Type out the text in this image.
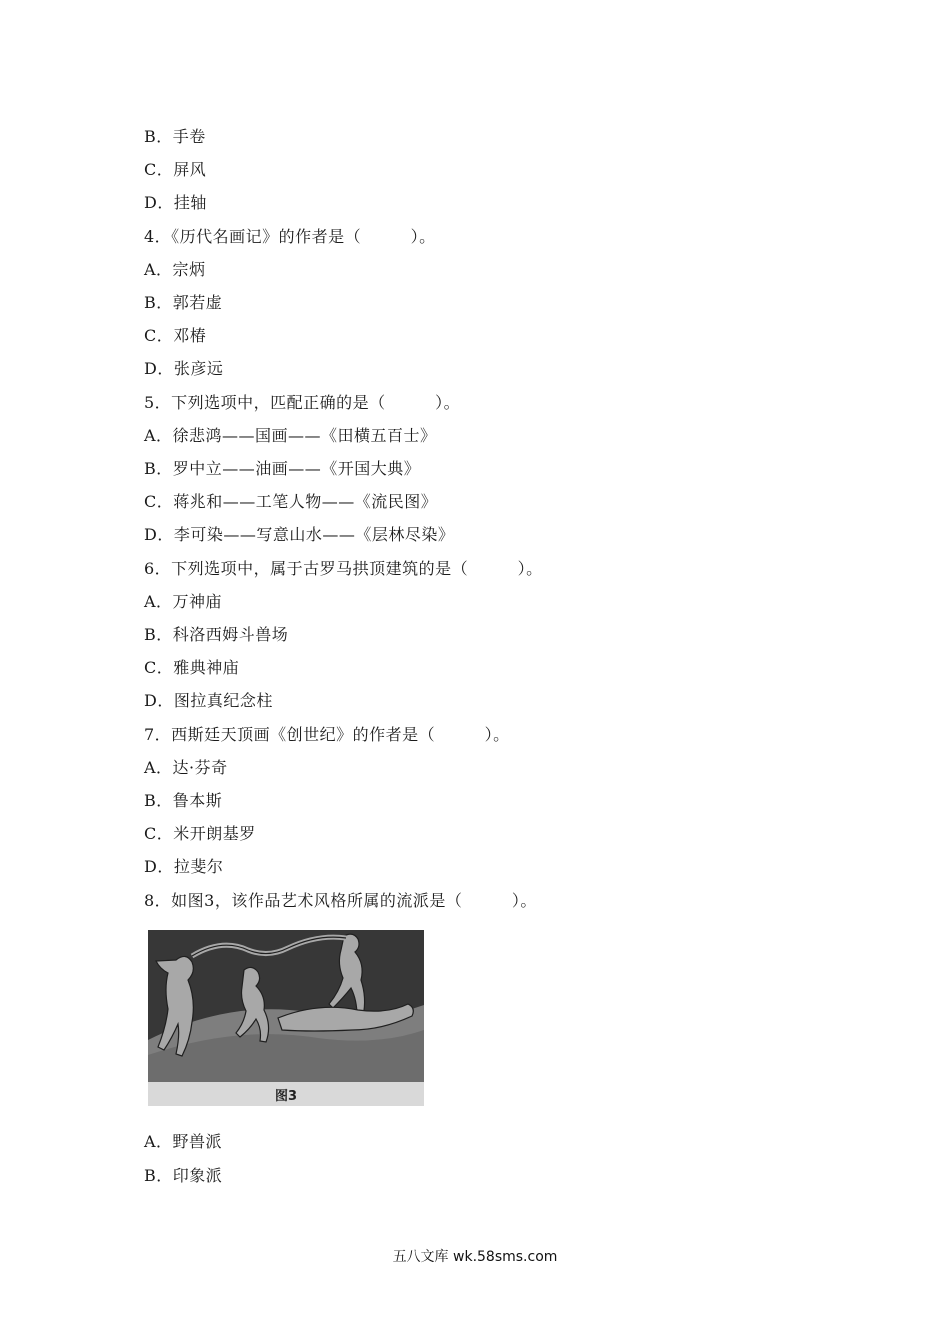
B．手卷
C．屏风
D．挂轴
4．《历代名画记》的作者是（　　　）。
A．宗炳
B．郭若虚
C．邓椿
D．张彦远
5．下列选项中，匹配正确的是（　　　）。
A．徐悲鸿——国画——《田横五百士》
B．罗中立——油画——《开国大典》
C．蒋兆和——工笔人物——《流民图》
D．李可染——写意山水——《层林尽染》
6．下列选项中，属于古罗马拱顶建筑的是（　　　）。
A．万神庙
B．科洛西姆斗兽场
C．雅典神庙
D．图拉真纪念柱
7．西斯廷天顶画《创世纪》的作者是（　　　）。
A．达·芬奇
B．鲁本斯
C．米开朗基罗
D．拉斐尔
8．如图3，该作品艺术风格所属的流派是（　　　）。
图3
A．野兽派
B．印象派
五八文库 wk.58sms.com
